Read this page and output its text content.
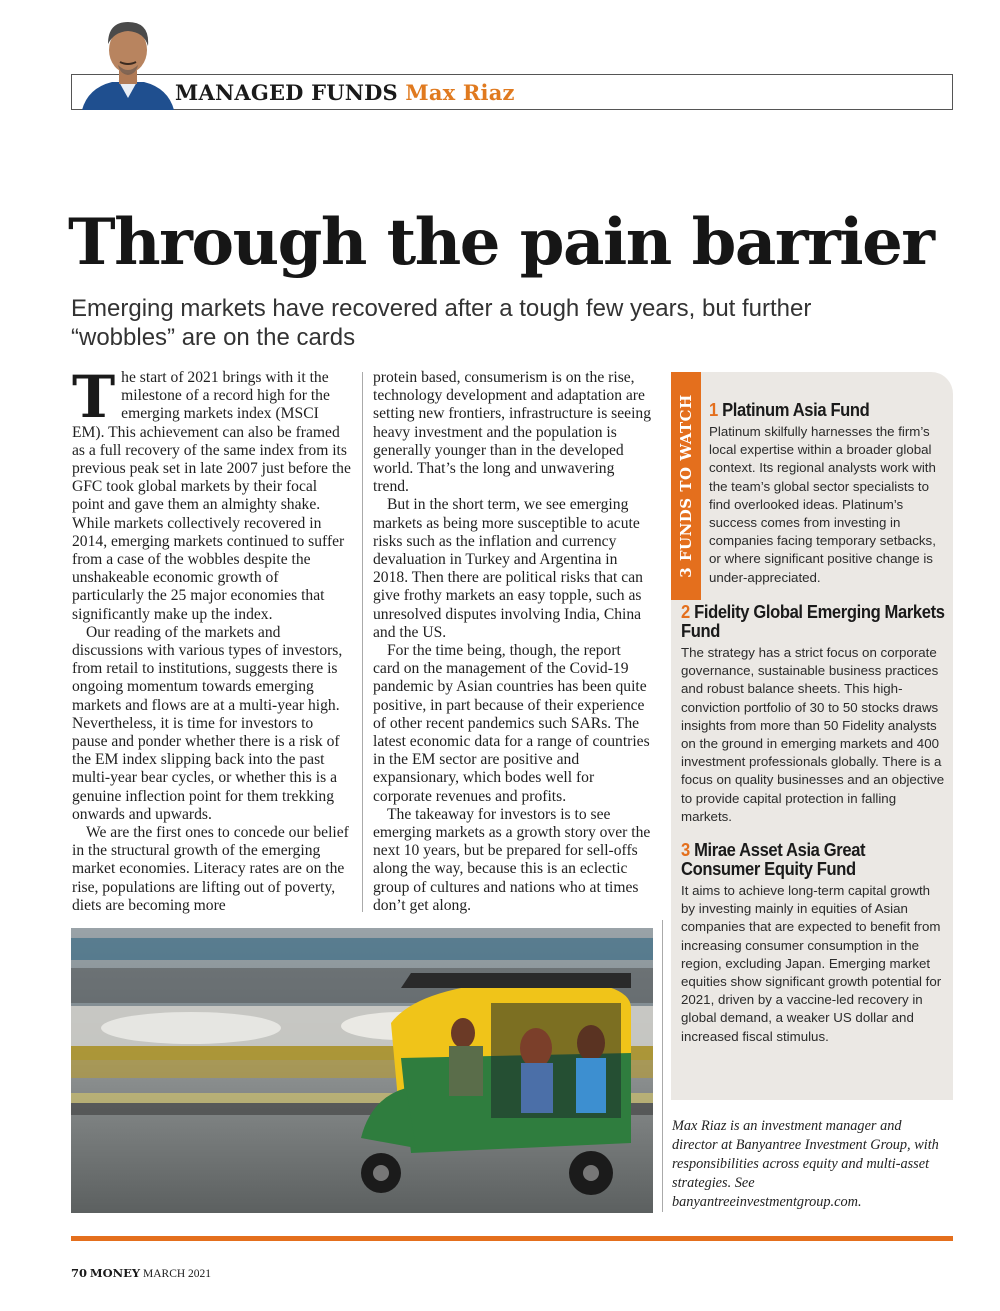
MANAGED FUNDS Max Riaz
Through the pain barrier
Emerging markets have recovered after a tough few years, but further “wobbles” are on the cards

The start of 2021 brings with it the milestone of a record high for the emerging markets index (MSCI EM). This achievement can also be framed as a full recovery of the same index from its previous peak set in late 2007 just before the GFC took global markets by their focal point and gave them an almighty shake. While markets collectively recovered in 2014, emerging markets continued to suffer from a case of the wobbles despite the unshakeable economic growth of particularly the 25 major economies that significantly make up the index.

Our reading of the markets and discussions with various types of investors, from retail to institutions, suggests there is ongoing momentum towards emerging markets and flows are at a multi-year high. Nevertheless, it is time for investors to pause and ponder whether there is a risk of the EM index slipping back into the past multi-year bear cycles, or whether this is a genuine inflection point for them trekking onwards and upwards.

We are the first ones to concede our belief in the structural growth of the emerging market economies. Literacy rates are on the rise, populations are lifting out of poverty, diets are becoming more

protein based, consumerism is on the rise, technology development and adaptation are setting new frontiers, infrastructure is seeing heavy investment and the population is generally younger than in the developed world. That’s the long and unwavering trend.

But in the short term, we see emerging markets as being more susceptible to acute risks such as the inflation and currency devaluation in Turkey and Argentina in 2018. Then there are political risks that can give frothy markets an easy topple, such as unresolved disputes involving India, China and the US.

For the time being, though, the report card on the management of the Covid-19 pandemic by Asian countries has been quite positive, in part because of their experience of other recent pandemics such SARs. The latest economic data for a range of countries in the EM sector are positive and expansionary, which bodes well for corporate revenues and profits.

The takeaway for investors is to see emerging markets as a growth story over the next 10 years, but be prepared for sell-offs along the way, because this is an eclectic group of cultures and nations who at times don’t get along.

3 FUNDS TO WATCH 1 Platinum Asia Fund
Platinum skilfully harnesses the firm’s local expertise within a broader global context. Its regional analysts work with the team’s global sector specialists to find overlooked ideas. Platinum’s success comes from investing in companies facing temporary setbacks, or where significant positive change is under-appreciated.
2 Fidelity Global Emerging Markets Fund
The strategy has a strict focus on corporate governance, sustainable business practices and robust balance sheets. This high-conviction portfolio of 30 to 50 stocks draws insights from more than 50 Fidelity analysts on the ground in emerging markets and 400 investment professionals globally. There is a focus on quality businesses and an objective to provide capital protection in falling markets.
3 Mirae Asset Asia Great Consumer Equity Fund
It aims to achieve long-term capital growth by investing mainly in equities of Asian companies that are expected to benefit from increasing consumer consumption in the region, excluding Japan. Emerging market equities show significant growth potential for 2021, driven by a vaccine-led recovery in global demand, a weaker US dollar and increased fiscal stimulus.
Max Riaz is an investment manager and director at Banyantree Investment Group, with responsibilities across equity and multi-asset strategies. See banyantreeinvestmentgroup.com.
70 MONEY MARCH 2021
